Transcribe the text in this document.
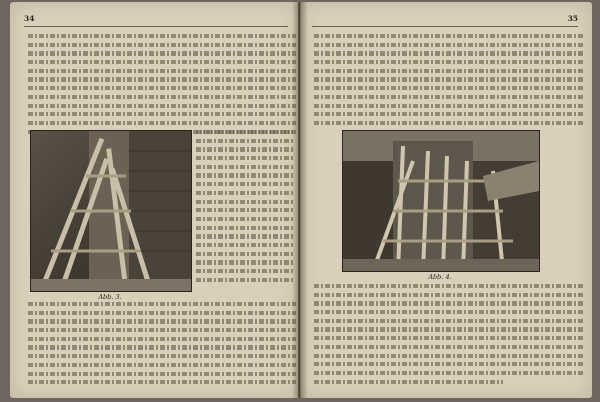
34
Abb. 3.
35
Abb. 4.
